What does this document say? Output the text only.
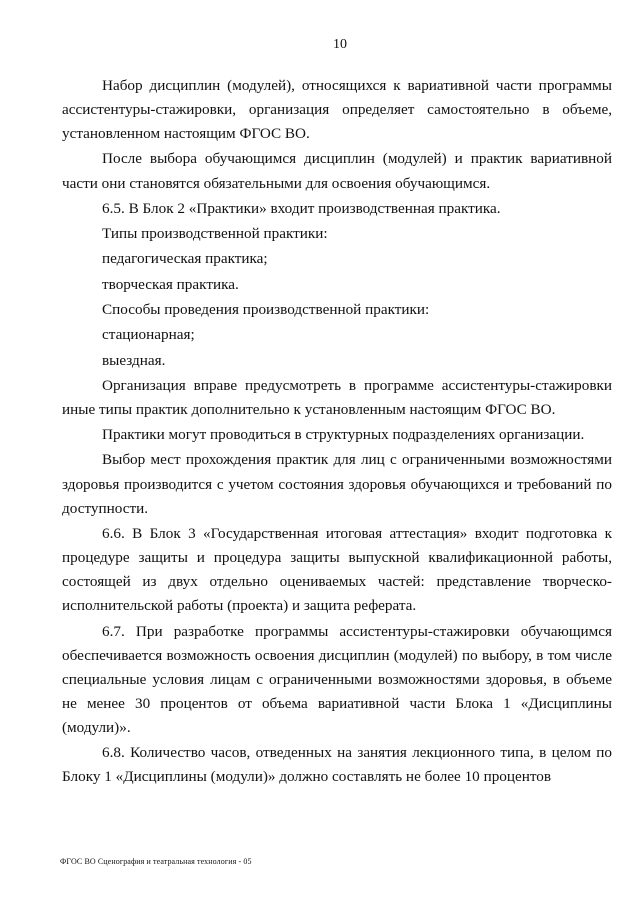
10

Набор дисциплин (модулей), относящихся к вариативной части программы ассистентуры-стажировки, организация определяет самостоятельно в объеме, установленном настоящим ФГОС ВО.

После выбора обучающимся дисциплин (модулей) и практик вариативной части они становятся обязательными для освоения обучающимся.

6.5. В Блок 2 «Практики» входит производственная практика.

Типы производственной практики:

педагогическая практика;

творческая практика.

Способы проведения производственной практики:

стационарная;

выездная.

Организация вправе предусмотреть в программе ассистентуры-стажировки иные типы практик дополнительно к установленным настоящим ФГОС ВО.

Практики могут проводиться в структурных подразделениях организации.

Выбор мест прохождения практик для лиц с ограниченными возможностями здоровья производится с учетом состояния здоровья обучающихся и требований по доступности.

6.6. В Блок 3 «Государственная итоговая аттестация» входит подготовка к процедуре защиты и процедура защиты выпускной квалификационной работы, состоящей из двух отдельно оцениваемых частей: представление творческо-исполнительской работы (проекта) и защита реферата.

6.7. При разработке программы ассистентуры-стажировки обучающимся обеспечивается возможность освоения дисциплин (модулей) по выбору, в том числе специальные условия лицам с ограниченными возможностями здоровья, в объеме не менее 30 процентов от объема вариативной части Блока 1 «Дисциплины (модули)».

6.8. Количество часов, отведенных на занятия лекционного типа, в целом по Блоку 1 «Дисциплины (модули)» должно составлять не более 10 процентов

ФГОС ВО Сценография и театральная технология - 05
